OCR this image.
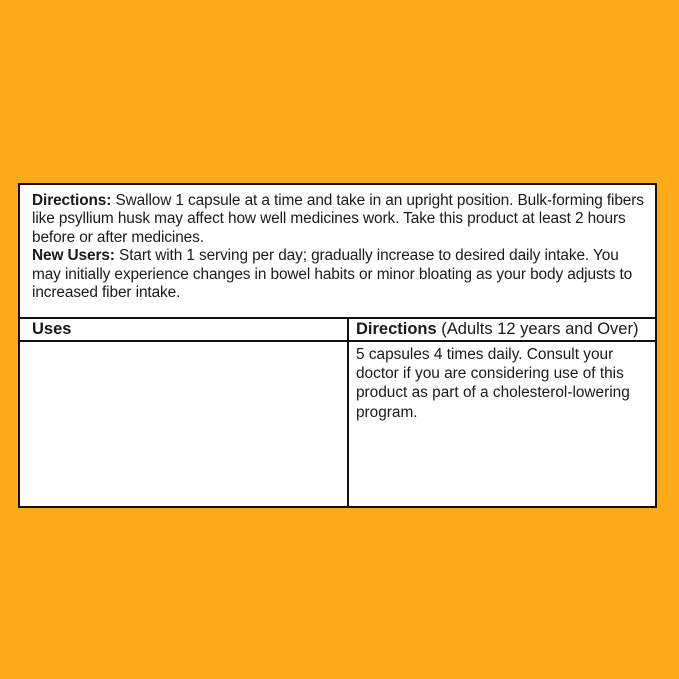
Directions: Swallow 1 capsule at a time and take in an upright position. Bulk-forming fibers like psyllium husk may affect how well medicines work. Take this product at least 2 hours before or after medicines.

New Users: Start with 1 serving per day; gradually increase to desired daily intake. You may initially experience changes in bowel habits or minor bloating as your body adjusts to increased fiber intake.

Uses	Directions (Adults 12 years and Over)
5 capsules 4 times daily. Consult your doctor if you are considering use of this product as part of a cholesterol-lowering program.
